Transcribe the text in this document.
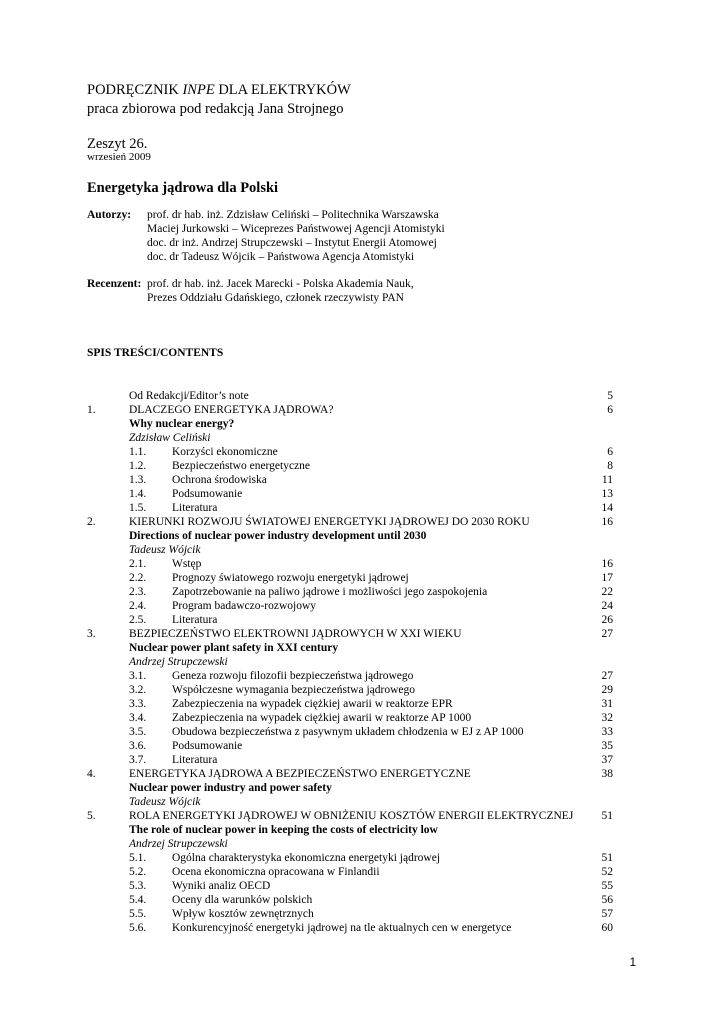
PODRĘCZNIK INPE DLA ELEKTRYKÓW
praca zbiorowa pod redakcją Jana Strojnego
Zeszyt 26.
wrzesień 2009
Energetyka jądrowa dla Polski
Autorzy: prof. dr hab. inż. Zdzisław Celiński – Politechnika Warszawska
Maciej Jurkowski – Wiceprezes Państwowej Agencji Atomistyki
doc. dr inż. Andrzej Strupczewski – Instytut Energii Atomowej
doc. dr Tadeusz Wójcik – Państwowa Agencja Atomistyki
Recenzent: prof. dr hab. inż. Jacek Marecki - Polska Akademia Nauk,
Prezes Oddziału Gdańskiego, członek rzeczywisty PAN
SPIS TREŚCI/CONTENTS
Od Redakcji /Editor’s note	5
1.	DLACZEGO ENERGETYKA JĄDROWA?	6
Why nuclear energy?
Zdzisław Celiński
1.1. Korzyści ekonomiczne	6
1.2. Bezpieczeństwo energetyczne	8
1.3. Ochrona środowiska	11
1.4. Podsumowanie	13
1.5. Literatura	14
2.	KIERUNKI ROZWOJU ŚWIATOWEJ ENERGETYKI JĄDROWEJ DO 2030 ROKU	16
Directions of nuclear power industry development until 2030
Tadeusz Wójcik
2.1. Wstęp	16
2.2. Prognozy światowego rozwoju energetyki jądrowej	17
2.3. Zapotrzebowanie na paliwo jądrowe i możliwości jego zaspokojenia	22
2.4. Program badawczo-rozwojowy	24
2.5. Literatura	26
3.	BEZPIECZEŃSTWO ELEKTROWNI JĄDROWYCH W XXI WIEKU	27
Nuclear power plant safety in XXI century
Andrzej Strupczewski
3.1. Geneza rozwoju filozofii bezpieczeństwa jądrowego	27
3.2. Współczesne wymagania bezpieczeństwa jądrowego	29
3.3. Zabezpieczenia na wypadek ciężkiej awarii w reaktorze EPR	31
3.4. Zabezpieczenia na wypadek ciężkiej awarii w reaktorze AP 1000	32
3.5. Obudowa bezpieczeństwa z pasywnym układem chłodzenia w EJ z AP 1000	33
3.6. Podsumowanie	35
3.7. Literatura	37
4.	ENERGETYKA JĄDROWA A BEZPIECZEŃSTWO ENERGETYCZNE	38
Nuclear power industry and power safety
Tadeusz Wójcik
5.	ROLA ENERGETYKI JĄDROWEJ W OBNIŻENIU KOSZTÓW ENERGII ELEKTRYCZNEJ 51
The role of nuclear power in keeping the costs of electricity low
Andrzej Strupczewski
5.1. Ogólna charakterystyka ekonomiczna energetyki jądrowej	51
5.2. Ocena ekonomiczna opracowana w Finlandii	52
5.3. Wyniki analiz OECD	55
5.4. Oceny dla warunków polskich	56
5.5. Wpływ kosztów zewnętrznych	57
5.6. Konkurencyjność energetyki jądrowej na tle aktualnych cen w energetyce	60
1
